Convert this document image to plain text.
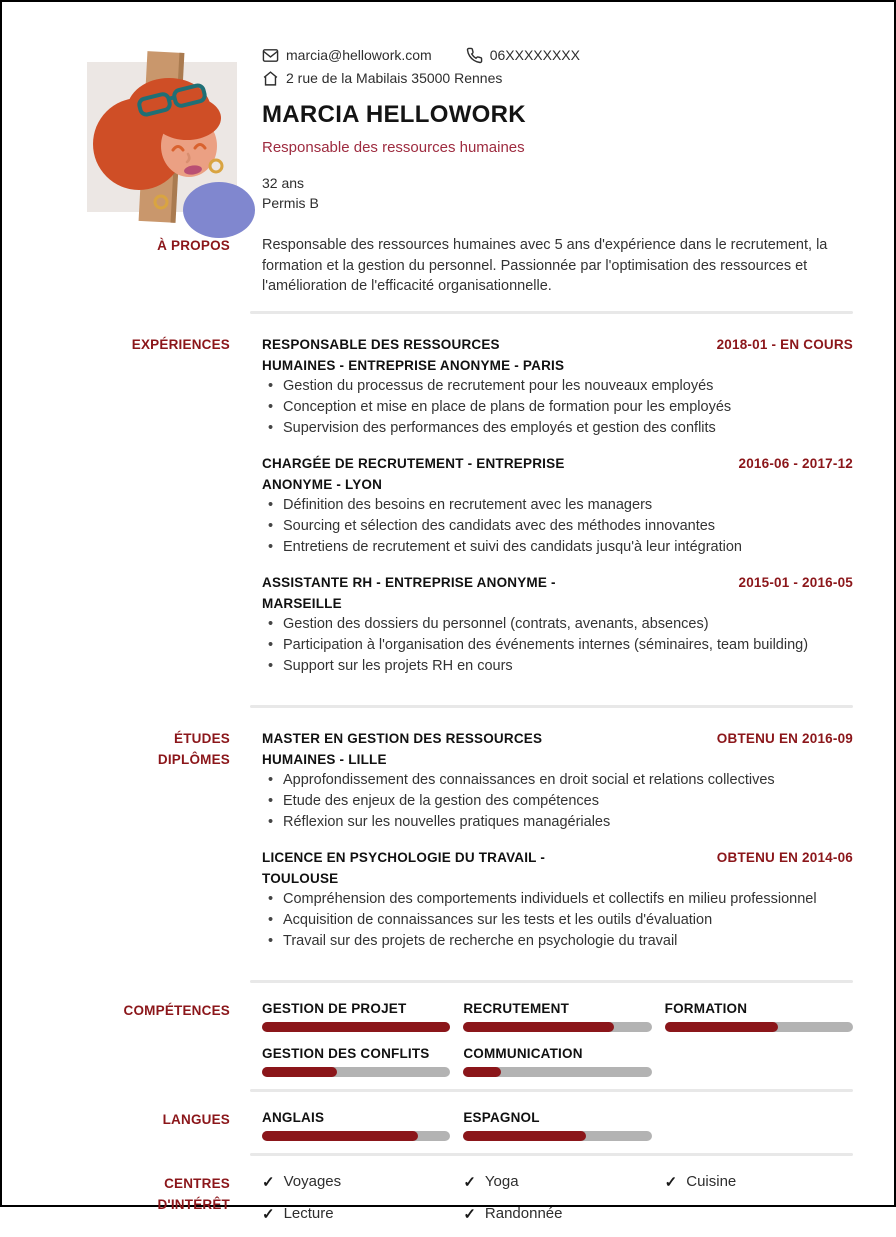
marcia@hellowork.com	06XXXXXXXX
2 rue de la Mabilais 35000 Rennes
MARCIA HELLOWORK
Responsable des ressources humaines
32 ans
Permis B
À PROPOS Responsable des ressources humaines avec 5 ans d'expérience dans le recrutement, la formation et la gestion du personnel. Passionnée par l'optimisation des ressources et l'amélioration de l'efficacité organisationnelle.

EXPÉRIENCES RESPONSABLE DES RESSOURCES HUMAINES - ENTREPRISE ANONYME - PARIS
2018-01 - EN COURS
• Gestion du processus de recrutement pour les nouveaux employés
• Conception et mise en place de plans de formation pour les employés
• Supervision des performances des employés et gestion des conflits
CHARGÉE DE RECRUTEMENT - ENTREPRISE ANONYME - LYON
2016-06 - 2017-12
• Définition des besoins en recrutement avec les managers
• Sourcing et sélection des candidats avec des méthodes innovantes
• Entretiens de recrutement et suivi des candidats jusqu'à leur intégration
ASSISTANTE RH - ENTREPRISE ANONYME - MARSEILLE
2015-01 - 2016-05
• Gestion des dossiers du personnel (contrats, avenants, absences)
• Participation à l'organisation des événements internes (séminaires, team building)
• Support sur les projets RH en cours
ÉTUDES DIPLÔMES
MASTER EN GESTION DES RESSOURCES HUMAINES - LILLE
OBTENU EN 2016-09
• Approfondissement des connaissances en droit social et relations collectives
• Etude des enjeux de la gestion des compétences
• Réflexion sur les nouvelles pratiques managériales
LICENCE EN PSYCHOLOGIE DU TRAVAIL - TOULOUSE
OBTENU EN 2014-06
• Compréhension des comportements individuels et collectifs en milieu professionnel
• Acquisition de connaissances sur les tests et les outils d'évaluation
• Travail sur des projets de recherche en psychologie du travail
COMPÉTENCES GESTION DE PROJET	RECRUTEMENT	FORMATION
GESTION DES CONFLITS	COMMUNICATION
LANGUES ANGLAIS	ESPAGNOL
CENTRES D'INTÉRÊT
✓ Voyages	✓ Yoga	✓ Cuisine
✓ Lecture	✓ Randonnée
